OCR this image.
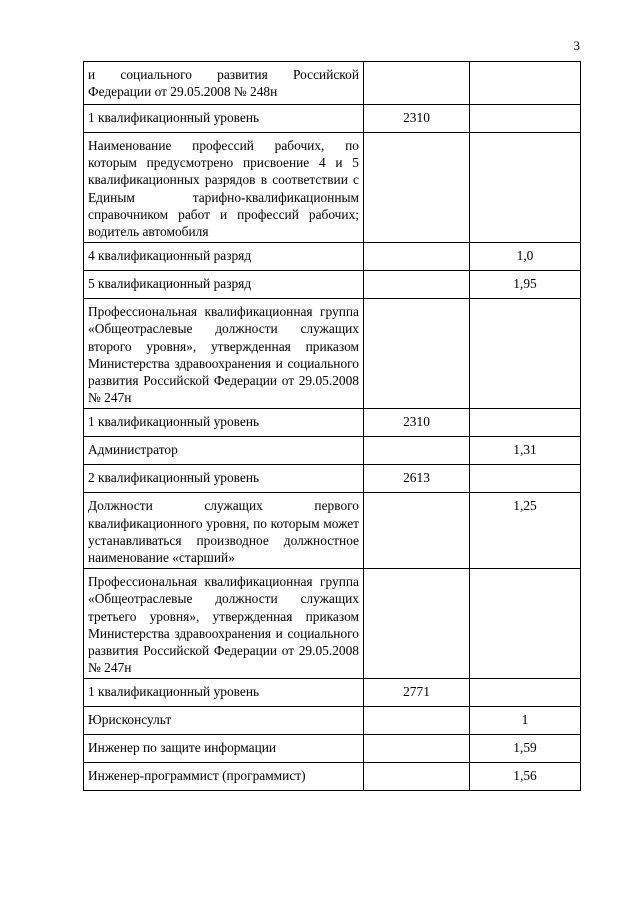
3
и социального развития Российской Федерации от 29.05.2008 № 248н		
1 квалификационный уровень	2310	
Наименование профессий рабочих, по которым предусмотрено присвоение 4 и 5 квалификационных разрядов в соответствии с Единым тарифно-квалификационным справочником работ и профессий рабочих; водитель автомобиля		
4 квалификационный разряд		1,0
5 квалификационный разряд		1,95
Профессиональная квалификационная группа «Общеотраслевые должности служащих второго уровня», утвержденная приказом Министерства здравоохранения и социального развития Российской Федерации от 29.05.2008 № 247н		
1 квалификационный уровень	2310	
Администратор		1,31
2 квалификационный уровень	2613	
Должности служащих первого квалификационного уровня, по которым может устанавливаться производное должностное наименование «старший»		1,25
Профессиональная квалификационная группа «Общеотраслевые должности служащих третьего уровня», утвержденная приказом Министерства здравоохранения и социального развития Российской Федерации от 29.05.2008 № 247н		
1 квалификационный уровень	2771	
Юрисконсульт		1
Инженер по защите информации		1,59
Инженер-программист (программист)		1,56
